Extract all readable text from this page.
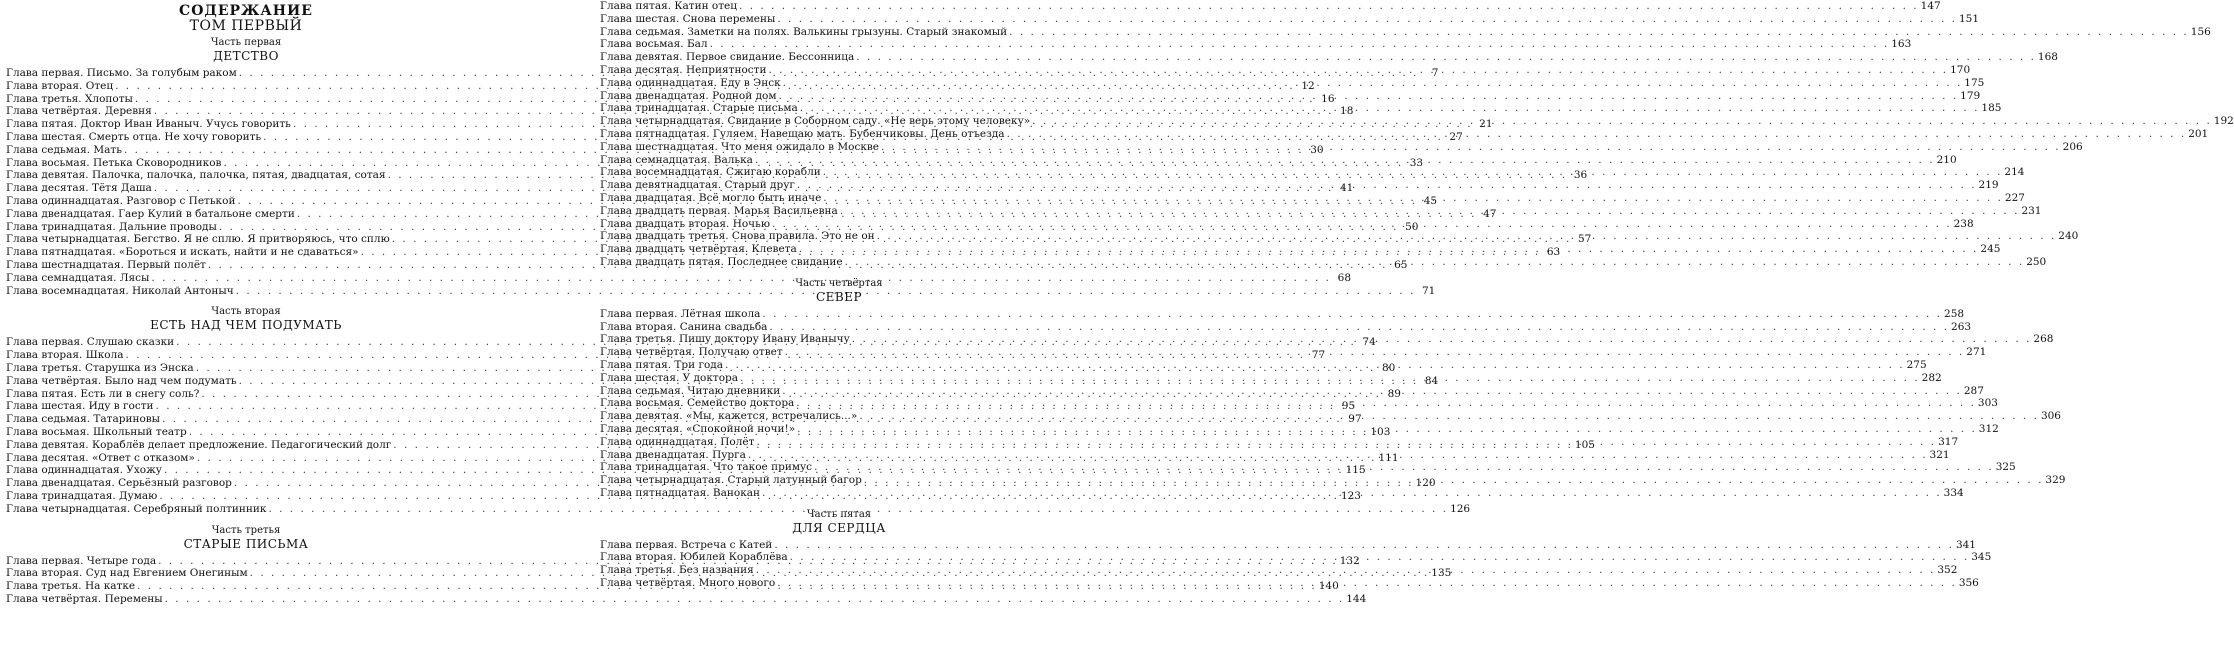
СОДЕРЖАНИЕ
ТОМ ПЕРВЫЙ
Часть первая
ДЕТСТВО
Глава первая. Письмо. За голубым раком . . .	7
Глава вторая. Отец . . .	12
Глава третья. Хлопоты . . .	16
Глава четвёртая. Деревня . . .	18
Глава пятая. Доктор Иван Иваныч. Учусь говорить . . .	21
Глава шестая. Смерть отца. Не хочу говорить . . .	27
Глава седьмая. Мать . . .	30
Глава восьмая. Петька Сковородников . . .	33
Глава девятая. Палочка, палочка, палочка, пятая, двадцатая, сотая . . .	36
Глава десятая. Тётя Даша . . .	41
Глава одиннадцатая. Разговор с Петькой . . .	45
Глава двенадцатая. Гаер Кулий в батальоне смерти . . .	47
Глава тринадцатая. Дальние проводы . . .	50
Глава четырнадцатая. Бегство. Я не сплю. Я притворяюсь, что сплю . . .	57
Глава пятнадцатая. «Бороться и искать, найти и не сдаваться» . . .	63
Глава шестнадцатая. Первый полёт . . .	65
Глава семнадцатая. Лясы . . .	68
Глава восемнадцатая. Николай Антоныч . . .	71
Часть вторая
ЕСТЬ НАД ЧЕМ ПОДУМАТЬ
Глава первая. Слушаю сказки . . .	74
Глава вторая. Школа . . .	77
Глава третья. Старушка из Энска . . .	80
Глава четвёртая. Было над чем подумать . . .	84
Глава пятая. Есть ли в снегу соль? . . .	89
Глава шестая. Иду в гости . . .	95
Глава седьмая. Татариновы . . .	97
Глава восьмая. Школьный театр . . .	103
Глава девятая. Кораблёв делает предложение. Педагогический долг . . .	105
Глава десятая. «Ответ с отказом» . . .	111
Глава одиннадцатая. Ухожу . . .	115
Глава двенадцатая. Серьёзный разговор . . .	120
Глава тринадцатая. Думаю . . .	123
Глава четырнадцатая. Серебряный полтинник . . .	126
Часть третья
СТАРЫЕ ПИСЬМА
Глава первая. Четыре года . . .	132
Глава вторая. Суд над Евгением Онегиным . . .	135
Глава третья. На катке . . .	140
Глава четвёртая. Перемены . . .	144
Глава пятая. Катин отец . . .	147
Глава шестая. Снова перемены . . .	151
Глава седьмая. Заметки на полях. Валькины грызуны. Старый знакомый . . .	156
Глава восьмая. Бал . . .	163
Глава девятая. Первое свидание. Бессонница . . .	168
Глава десятая. Неприятности . . .	170
Глава одиннадцатая. Еду в Энск . . .	175
Глава двенадцатая. Родной дом . . .	179
Глава тринадцатая. Старые письма . . .	185
Глава четырнадцатая. Свидание в Соборном саду. «Не верь этому человеку» . . .	192
Глава пятнадцатая. Гуляем. Навещаю мать. Бубенчиковы. День отъезда . . .	201
Глава шестнадцатая. Что меня ожидало в Москве . . .	206
Глава семнадцатая. Валька . . .	210
Глава восемнадцатая. Сжигаю корабли . . .	214
Глава девятнадцатая. Старый друг . . .	219
Глава двадцатая. Всё могло быть иначе . . .	227
Глава двадцать первая. Марья Васильевна . . .	231
Глава двадцать вторая. Ночью . . .	238
Глава двадцать третья. Снова правила. Это не он . . .	240
Глава двадцать четвёртая. Клевета . . .	245
Глава двадцать пятая. Последнее свидание . . .	250
Часть четвёртая
СЕВЕР
Глава первая. Лётная школа . . .	258
Глава вторая. Санина свадьба . . .	263
Глава третья. Пишу доктору Ивану Иванычу . . .	268
Глава четвёртая. Получаю ответ . . .	271
Глава пятая. Три года . . .	275
Глава шестая. У доктора . . .	282
Глава седьмая. Читаю дневники . . .	287
Глава восьмая. Семейство доктора . . .	303
Глава девятая. «Мы, кажется, встречались...» . . .	306
Глава десятая. «Спокойной ночи!» . . .	312
Глава одиннадцатая. Полёт . . .	317
Глава двенадцатая. Пурга . . .	321
Глава тринадцатая. Что такое примус . . .	325
Глава четырнадцатая. Старый латунный багор . . .	329
Глава пятнадцатая. Ванокан . . .	334
Часть пятая
ДЛЯ СЕРДЦА
Глава первая. Встреча с Катей . . .	341
Глава вторая. Юбилей Кораблёва . . .	345
Глава третья. Без названия . . .	352
Глава четвёртая. Много нового . . .	356
